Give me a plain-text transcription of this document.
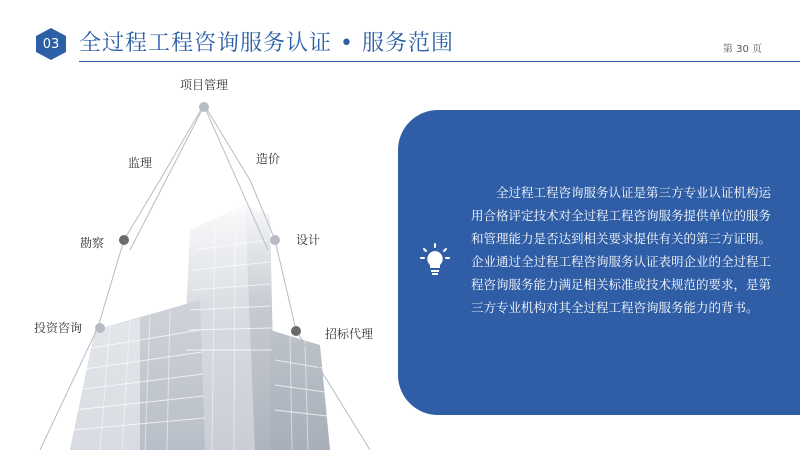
03 全过程工程咨询服务认证 • 服务范围	第 30 页
项目管理
监理	造价
勘察	设计
投资咨询	招标代理
全过程工程咨询服务认证是第三方专业认证机构运用合格评定技术对全过程工程咨询服务提供单位的服务和管理能力是否达到相关要求提供有关的第三方证明。企业通过全过程工程咨询服务认证表明企业的全过程工程咨询服务能力满足相关标准或技术规范的要求，是第三方专业机构对其全过程工程咨询服务能力的背书。
